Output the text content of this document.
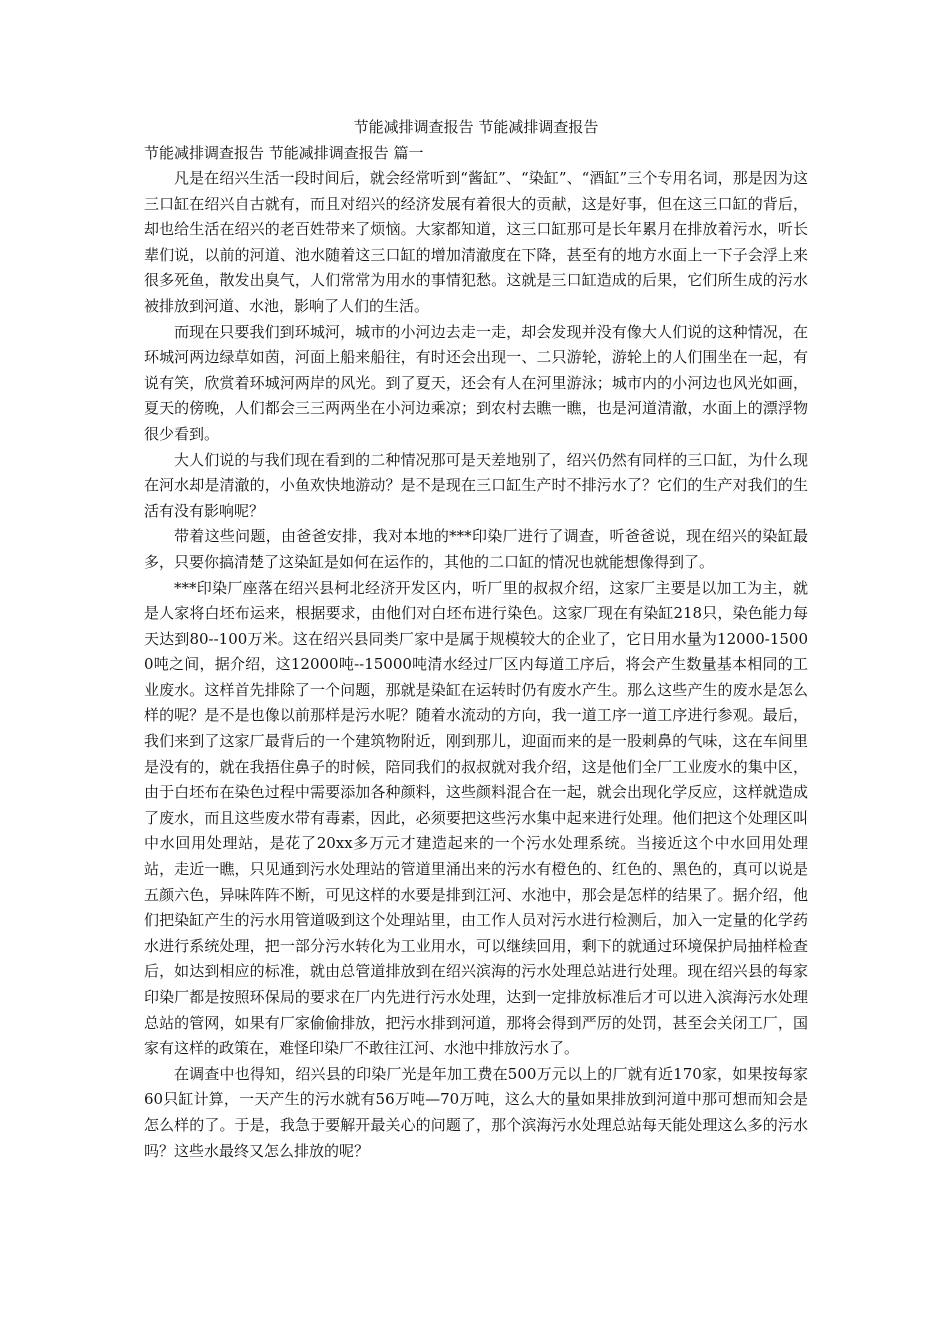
节能减排调查报告 节能减排调查报告
节能减排调查报告 节能减排调查报告 篇一

凡是在绍兴生活一段时间后，就会经常听到“酱缸”、“染缸”、“酒缸”三个专用名词，那是因为这三口缸在绍兴自古就有，而且对绍兴的经济发展有着很大的贡献，这是好事，但在这三口缸的背后，却也给生活在绍兴的老百姓带来了烦恼。大家都知道，这三口缸那可是长年累月在排放着污水，听长辈们说，以前的河道、池水随着这三口缸的增加清澈度在下降，甚至有的地方水面上一下子会浮上来很多死鱼，散发出臭气，人们常常为用水的事情犯愁。这就是三口缸造成的后果，它们所生成的污水被排放到河道、水池，影响了人们的生活。

而现在只要我们到环城河，城市的小河边去走一走，却会发现并没有像大人们说的这种情况，在环城河两边绿草如茵，河面上船来船往，有时还会出现一、二只游轮，游轮上的人们围坐在一起，有说有笑，欣赏着环城河两岸的风光。到了夏天，还会有人在河里游泳；城市内的小河边也风光如画，夏天的傍晚，人们都会三三两两坐在小河边乘凉；到农村去瞧一瞧，也是河道清澈，水面上的漂浮物很少看到。

大人们说的与我们现在看到的二种情况那可是天差地别了，绍兴仍然有同样的三口缸，为什么现在河水却是清澈的，小鱼欢快地游动？是不是现在三口缸生产时不排污水了？它们的生产对我们的生活有没有影响呢？

带着这些问题，由爸爸安排，我对本地的***印染厂进行了调查，听爸爸说，现在绍兴的染缸最多，只要你搞清楚了这染缸是如何在运作的，其他的二口缸的情况也就能想像得到了。

***印染厂座落在绍兴县柯北经济开发区内，听厂里的叔叔介绍，这家厂主要是以加工为主，就是人家将白坯布运来，根据要求，由他们对白坯布进行染色。这家厂现在有染缸218只，染色能力每天达到80--100万米。这在绍兴县同类厂家中是属于规模较大的企业了，它日用水量为12000-15000吨之间，据介绍，这12000吨--15000吨清水经过厂区内每道工序后，将会产生数量基本相同的工业废水。这样首先排除了一个问题，那就是染缸在运转时仍有废水产生。那么这些产生的废水是怎么样的呢？是不是也像以前那样是污水呢？随着水流动的方向，我一道工序一道工序进行参观。最后，我们来到了这家厂最背后的一个建筑物附近，刚到那儿，迎面而来的是一股刺鼻的气味，这在车间里是没有的，就在我捂住鼻子的时候，陪同我们的叔叔就对我介绍，这是他们全厂工业废水的集中区，由于白坯布在染色过程中需要添加各种颜料，这些颜料混合在一起，就会出现化学反应，这样就造成了废水，而且这些废水带有毒素，因此，必须要把这些污水集中起来进行处理。他们把这个处理区叫中水回用处理站，是花了20xx多万元才建造起来的一个污水处理系统。当接近这个中水回用处理站，走近一瞧，只见通到污水处理站的管道里涌出来的污水有橙色的、红色的、黑色的，真可以说是五颜六色，异味阵阵不断，可见这样的水要是排到江河、水池中，那会是怎样的结果了。据介绍，他们把染缸产生的污水用管道吸到这个处理站里，由工作人员对污水进行检测后，加入一定量的化学药水进行系统处理，把一部分污水转化为工业用水，可以继续回用，剩下的就通过环境保护局抽样检查后，如达到相应的标准，就由总管道排放到在绍兴滨海的污水处理总站进行处理。现在绍兴县的每家印染厂都是按照环保局的要求在厂内先进行污水处理，达到一定排放标准后才可以进入滨海污水处理总站的管网，如果有厂家偷偷排放，把污水排到河道，那将会得到严厉的处罚，甚至会关闭工厂，国家有这样的政策在，难怪印染厂不敢往江河、水池中排放污水了。

在调查中也得知，绍兴县的印染厂光是年加工费在500万元以上的厂就有近170家，如果按每家60只缸计算，一天产生的污水就有56万吨—70万吨，这么大的量如果排放到河道中那可想而知会是怎么样的了。于是，我急于要解开最关心的问题了，那个滨海污水处理总站每天能处理这么多的污水吗？这些水最终又怎么排放的呢？
